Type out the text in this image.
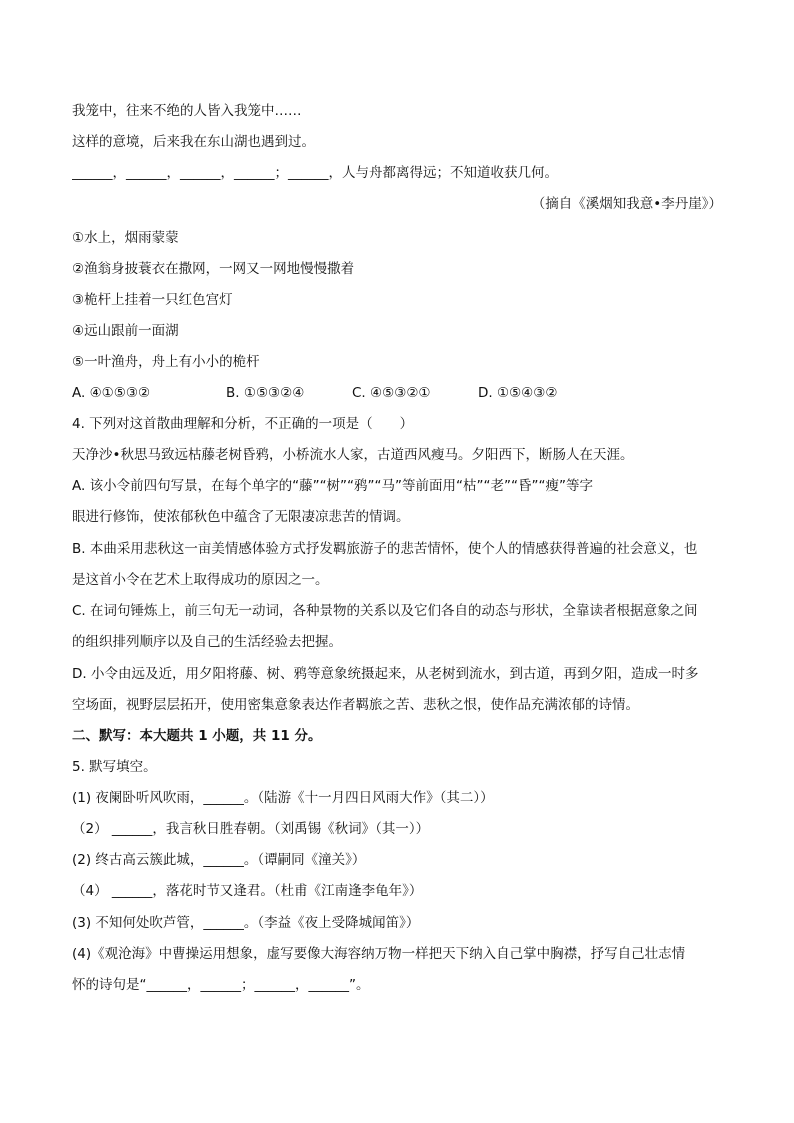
我笼中，往来不绝的人皆入我笼中……
这样的意境，后来我在东山湖也遇到过。
______，______，______，______；______，人与舟都离得远；不知道收获几何。
（摘自《溪烟知我意•李丹崖》）
①水上，烟雨蒙蒙
②渔翁身披蓑衣在撒网，一网又一网地慢慢撒着
③桅杆上挂着一只红色宫灯
④远山跟前一面湖
⑤一叶渔舟，舟上有小小的桅杆
A. ④①⑤③②	B. ①⑤③②④	C. ④⑤③②①	D. ①⑤④③②
4. 下列对这首散曲理解和分析，不正确的一项是（　　）
天净沙•秋思马致远枯藤老树昏鸦，小桥流水人家，古道西风瘦马。夕阳西下，断肠人在天涯。
A. 该小令前四句写景，在每个单字的“藤”“树”“鸦”“马”等前面用“枯”“老”“昏”“瘦”等字
眼进行修饰，使浓郁秋色中蕴含了无限凄凉悲苦的情调。
B. 本曲采用悲秋这一亩美情感体验方式抒发羁旅游子的悲苦情怀，使个人的情感获得普遍的社会意义，也
是这首小令在艺术上取得成功的原因之一。
C. 在词句锤炼上，前三句无一动词，各种景物的关系以及它们各自的动态与形状，全靠读者根据意象之间
的组织排列顺序以及自己的生活经验去把握。
D. 小令由远及近，用夕阳将藤、树、鸦等意象统摄起来，从老树到流水，到古道，再到夕阳，造成一时多
空场面，视野层层拓开，使用密集意象表达作者羁旅之苦、悲秋之恨，使作品充满浓郁的诗情。
二、默写：本大题共 1 小题，共 11 分。
5. 默写填空。
(1) 夜阑卧听风吹雨，______。（陆游《十一月四日风雨大作》（其二））
（2） ______，我言秋日胜春朝。（刘禹锡《秋词》（其一））
(2) 终古高云簇此城，______。（谭嗣同《潼关》）
（4） ______，落花时节又逢君。（杜甫《江南逢李龟年》）
(3) 不知何处吹芦管，______。（李益《夜上受降城闻笛》）
(4)《观沧海》中曹操运用想象，虚写要像大海容纳万物一样把天下纳入自己掌中胸襟，抒写自己壮志情
怀的诗句是“______，______；______，______”。
